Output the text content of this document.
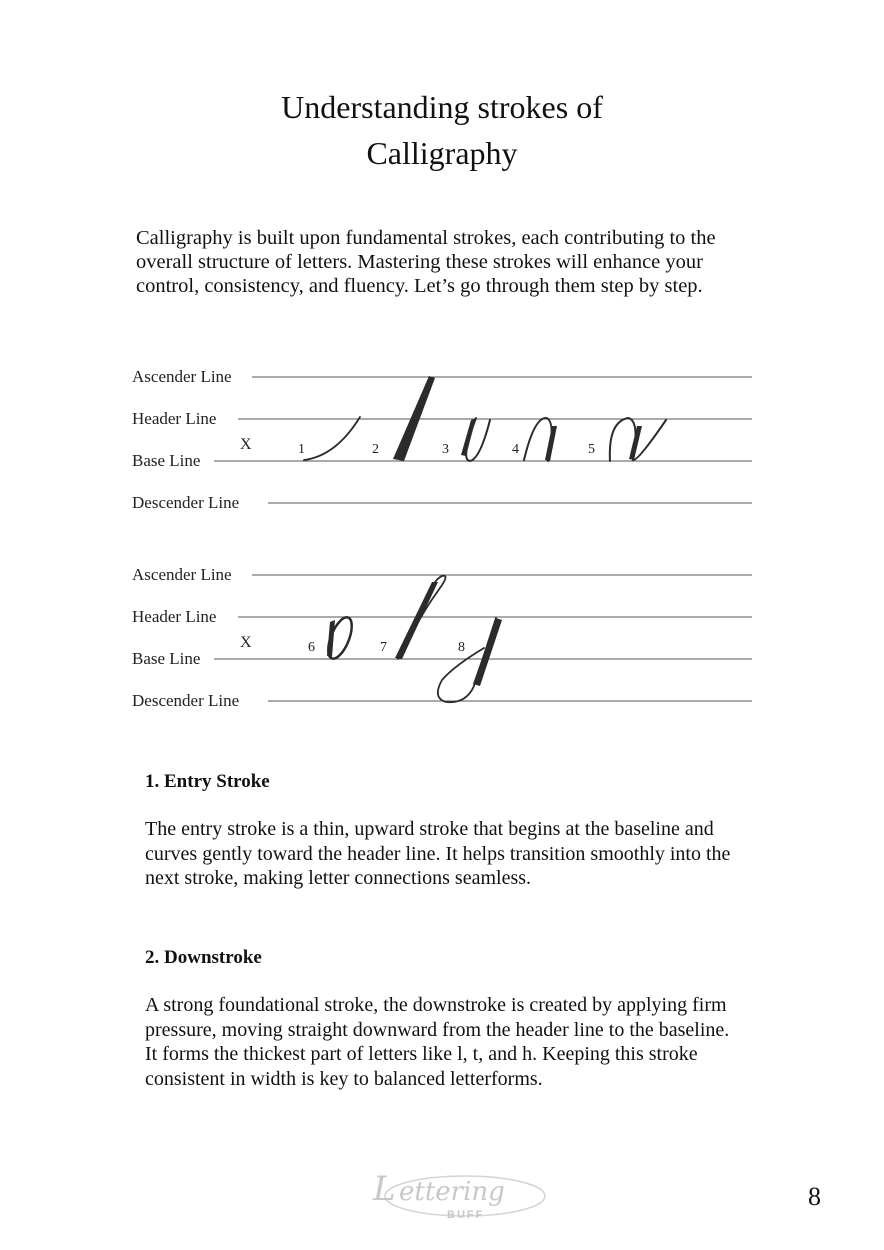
Understanding strokes of
Calligraphy

Calligraphy is built upon fundamental strokes, each contributing to the overall structure of letters. Mastering these strokes will enhance your control, consistency, and fluency. Let’s go through them step by step.

Ascender Line
Header Line
Base Line
Descender Line
X	1	2	3	4	5
Ascender Line
Header Line
Base Line
Descender Line
X	6	7	8
1. Entry Stroke

The entry stroke is a thin, upward stroke that begins at the baseline and curves gently toward the header line. It helps transition smoothly into the next stroke, making letter connections seamless.

2. Downstroke

A strong foundational stroke, the downstroke is created by applying firm pressure, moving straight downward from the header line to the baseline. It forms the thickest part of letters like l, t, and h. Keeping this stroke consistent in width is key to balanced letterforms.

L ettering
BUFF
8
